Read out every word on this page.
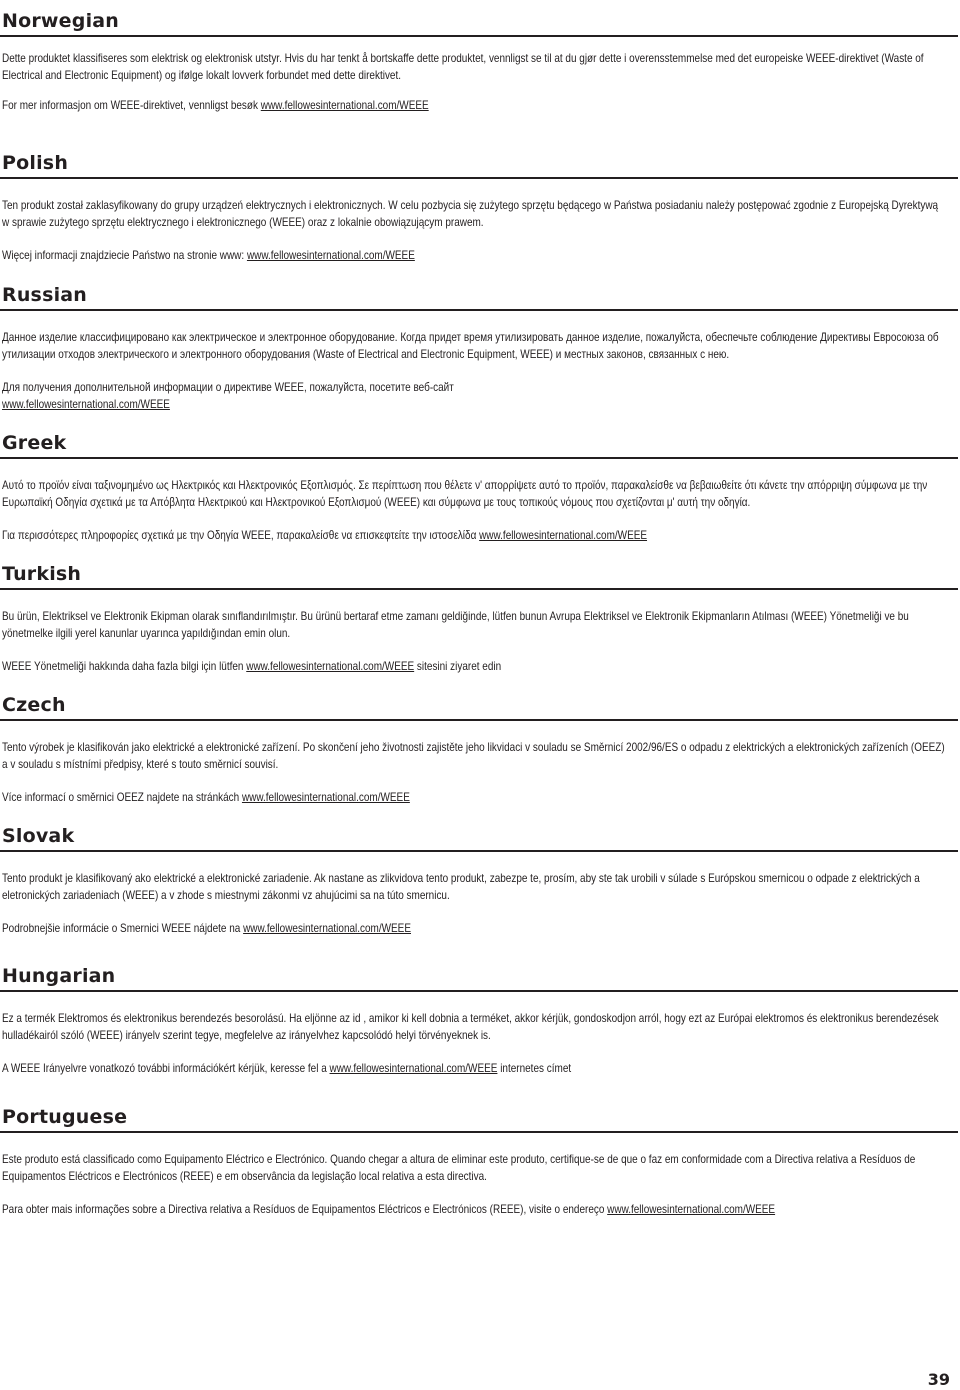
Norwegian

Dette produktet klassifiseres som elektrisk og elektronisk utstyr. Hvis du har tenkt å bortskaffe dette produktet, vennligst se til at du gjør dette i overensstemmelse med det europeiske WEEE-direktivet (Waste of Electrical and Electronic Equipment) og ifølge lokalt lovverk forbundet med dette direktivet.

For mer informasjon om WEEE-direktivet, vennligst besøk www.fellowesinternational.com/WEEE

Polish

Ten produkt został zaklasyfikowany do grupy urządzeń elektrycznych i elektronicznych. W celu pozbycia się zużytego sprzętu będącego w Państwa posiadaniu należy postępować zgodnie z Europejską Dyrektywą w sprawie zużytego sprzętu elektrycznego i elektronicznego (WEEE) oraz z lokalnie obowiązującym prawem.

Więcej informacji znajdziecie Państwo na stronie www: www.fellowesinternational.com/WEEE

Russian

Данное изделие классифицировано как электрическое и электронное оборудование. Когда придет время утилизировать данное изделие, пожалуйста, обеспечьте соблюдение Директивы Евросоюза об утилизации отходов электрического и электронного оборудования (Waste of Electrical and Electronic Equipment, WEEE) и местных законов, связанных с нею.

Для получения дополнительной информации о директиве WEEE, пожалуйста, посетите веб-сайт www.fellowesinternational.com/WEEE

Greek

Αυτό το προϊόν είναι ταξινομημένο ως Ηλεκτρικός και Ηλεκτρονικός Εξοπλισμός. Σε περίπτωση που θέλετε ν' απορρίψετε αυτό το προϊόν, παρακαλείσθε να βεβαιωθείτε ότι κάνετε την απόρριψη σύμφωνα με την Ευρωπαϊκή Οδηγία σχετικά με τα Απόβλητα Ηλεκτρικού και Ηλεκτρονικού Εξοπλισμού (WEEE) και σύμφωνα με τους τοπικούς νόμους που σχετίζονται μ' αυτή την οδηγία.

Για περισσότερες πληροφορίες σχετικά με την Οδηγία WEEE, παρακαλείσθε να επισκεφτείτε την ιστοσελίδα www.fellowesinternational.com/WEEE

Turkish

Bu ürün, Elektriksel ve Elektronik Ekipman olarak sınıflandırılmıştır. Bu ürünü bertaraf etme zamanı geldiğinde, lütfen bunun Avrupa Elektriksel ve Elektronik Ekipmanların Atılması (WEEE) Yönetmeliği ve bu yönetmelke ilgili yerel kanunlar uyarınca yapıldığından emin olun.

WEEE Yönetmeliği hakkında daha fazla bilgi için lütfen www.fellowesinternational.com/WEEE sitesini ziyaret edin

Czech

Tento výrobek je klasifikován jako elektrické a elektronické zařízení. Po skončení jeho životnosti zajistěte jeho likvidaci v souladu se Směrnicí 2002/96/ES o odpadu z elektrických a elektronických zařízeních (OEEZ) a v souladu s místními předpisy, které s touto směrnicí souvisí.

Více informací o směrnici OEEZ najdete na stránkách www.fellowesinternational.com/WEEE

Slovak

Tento produkt je klasifikovaný ako elektrické a elektronické zariadenie. Ak nastane as zlikvidova tento produkt, zabezpe te, prosím, aby ste tak urobili v súlade s Európskou smernicou o odpade z elektrických a eletronických zariadeniach (WEEE) a v zhode s miestnymi zákonmi vz ahujúcimi sa na túto smernicu.

Podrobnejšie informácie o Smernici WEEE nájdete na www.fellowesinternational.com/WEEE

Hungarian

Ez a termék Elektromos és elektronikus berendezés besorolású. Ha eljönne az id , amikor ki kell dobnia a terméket, akkor kérjük, gondoskodjon arról, hogy ezt az Európai elektromos és elektronikus berendezések hulladékairól szóló (WEEE) irányelv szerint tegye, megfelelve az irányelvhez kapcsolódó helyi törvényeknek is.

A WEEE Irányelvre vonatkozó további információkért kérjük, keresse fel a www.fellowesinternational.com/WEEE internetes címet

Portuguese

Este produto está classificado como Equipamento Eléctrico e Electrónico. Quando chegar a altura de eliminar este produto, certifique-se de que o faz em conformidade com a Directiva relativa a Resíduos de Equipamentos Eléctricos e Electrónicos (REEE) e em observância da legislação local relativa a esta directiva.

Para obter mais informações sobre a Directiva relativa a Resíduos de Equipamentos Eléctricos e Electrónicos (REEE), visite o endereço www.fellowesinternational.com/WEEE

39
